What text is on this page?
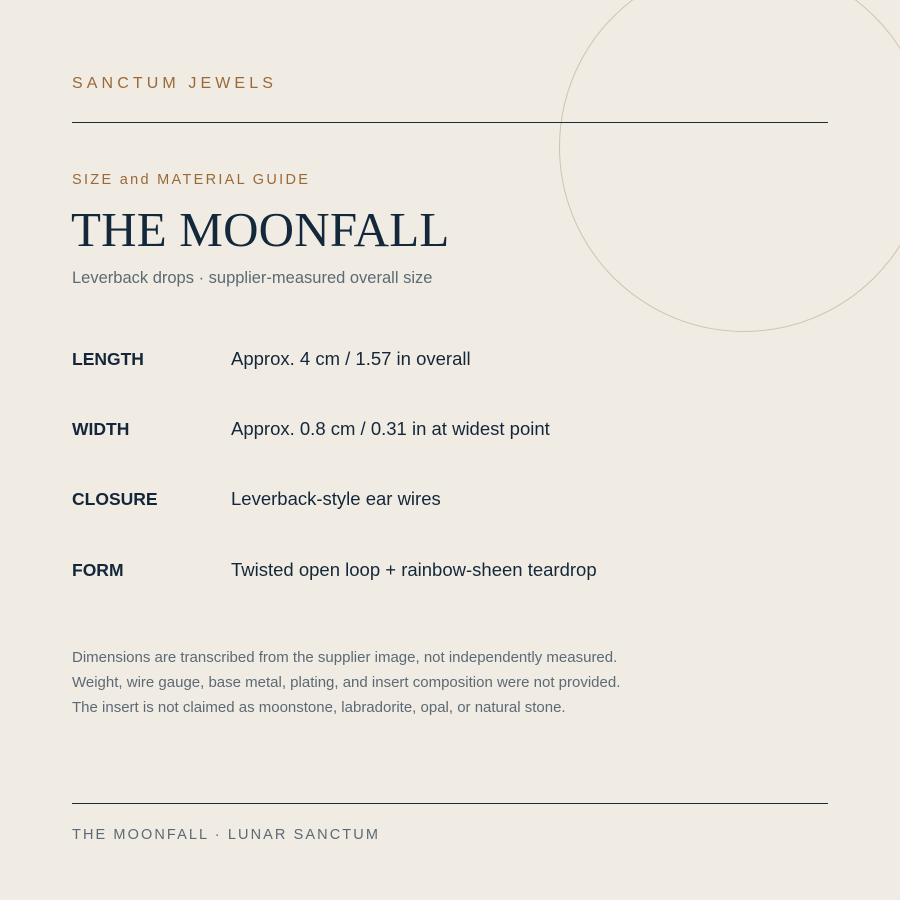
SANCTUM JEWELS
SIZE and MATERIAL GUIDE
THE MOONFALL
Leverback drops · supplier-measured overall size
LENGTH	Approx. 4 cm / 1.57 in overall
WIDTH	Approx. 0.8 cm / 0.31 in at widest point
CLOSURE	Leverback-style ear wires
FORM	Twisted open loop + rainbow-sheen teardrop
Dimensions are transcribed from the supplier image, not independently measured.
Weight, wire gauge, base metal, plating, and insert composition were not provided.
The insert is not claimed as moonstone, labradorite, opal, or natural stone.
THE MOONFALL · LUNAR SANCTUM
